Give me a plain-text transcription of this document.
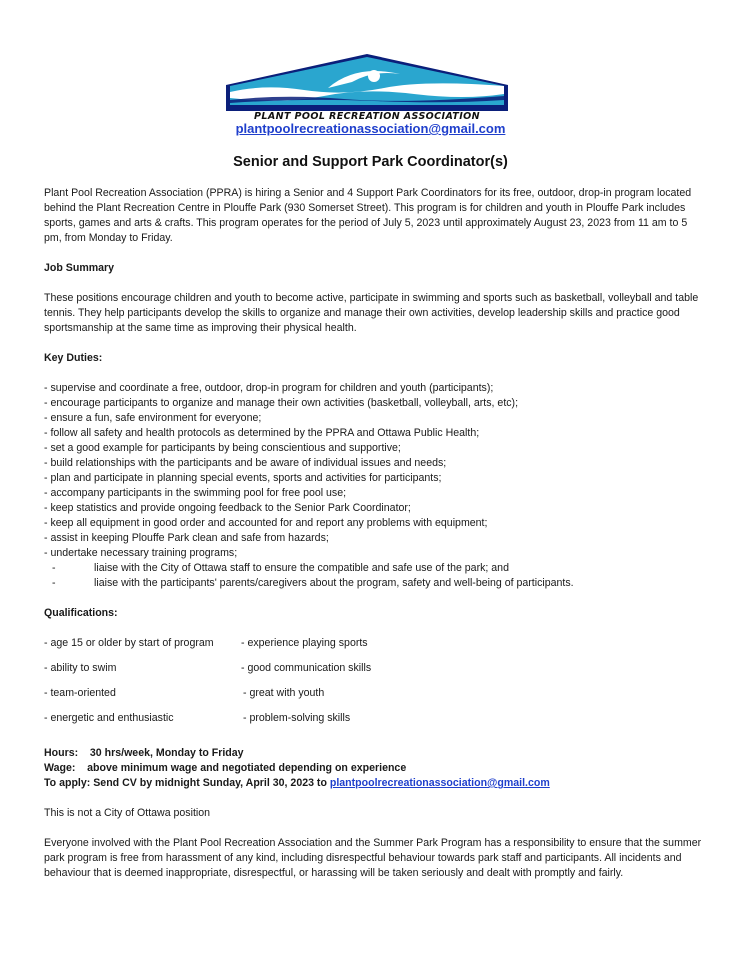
PLANT POOL RECREATION ASSOCIATION
plantpoolrecreationassociation@gmail.com
Senior and Support Park Coordinator(s)

Plant Pool Recreation Association (PPRA) is hiring a Senior and 4 Support Park Coordinators for its free, outdoor, drop-in program located behind the Plant Recreation Centre in Plouffe Park (930 Somerset Street). This program is for children and youth in Plouffe Park includes sports, games and arts & crafts. This program operates for the period of July 5, 2023 until approximately August 23, 2023 from 11 am to 5 pm, from Monday to Friday.

Job Summary

These positions encourage children and youth to become active, participate in swimming and sports such as basketball, volleyball and table tennis. They help participants develop the skills to organize and manage their own activities, develop leadership skills and practice good sportsmanship at the same time as improving their physical health.

Key Duties:

- supervise and coordinate a free, outdoor, drop-in program for children and youth (participants);
- encourage participants to organize and manage their own activities (basketball, volleyball, arts, etc);
- ensure a fun, safe environment for everyone;
- follow all safety and health protocols as determined by the PPRA and Ottawa Public Health;
- set a good example for participants by being conscientious and supportive;
- build relationships with the participants and be aware of individual issues and needs;
- plan and participate in planning special events, sports and activities for participants;
- accompany participants in the swimming pool for free pool use;
- keep statistics and provide ongoing feedback to the Senior Park Coordinator;
- keep all equipment in good order and accounted for and report any problems with equipment;
- assist in keeping Plouffe Park clean and safe from hazards;
- undertake necessary training programs;
-	liaise with the City of Ottawa staff to ensure the compatible and safe use of the park; and
-	liaise with the participants' parents/caregivers about the program, safety and well-being of participants.

Qualifications:

- age 15 or older by start of program	- experience playing sports
- ability to swim	- good communication skills
- team-oriented	- great with youth
- energetic and enthusiastic	- problem-solving skills

Hours:    30 hrs/week, Monday to Friday

Wage:    above minimum wage and negotiated depending on experience

To apply: Send CV by midnight Sunday, April 30, 2023 to plantpoolrecreationassociation@gmail.com

This is not a City of Ottawa position

Everyone involved with the Plant Pool Recreation Association and the Summer Park Program has a responsibility to ensure that the summer park program is free from harassment of any kind, including disrespectful behaviour towards park staff and participants. All incidents and behaviour that is deemed inappropriate, disrespectful, or harassing will be taken seriously and dealt with promptly and fairly.
